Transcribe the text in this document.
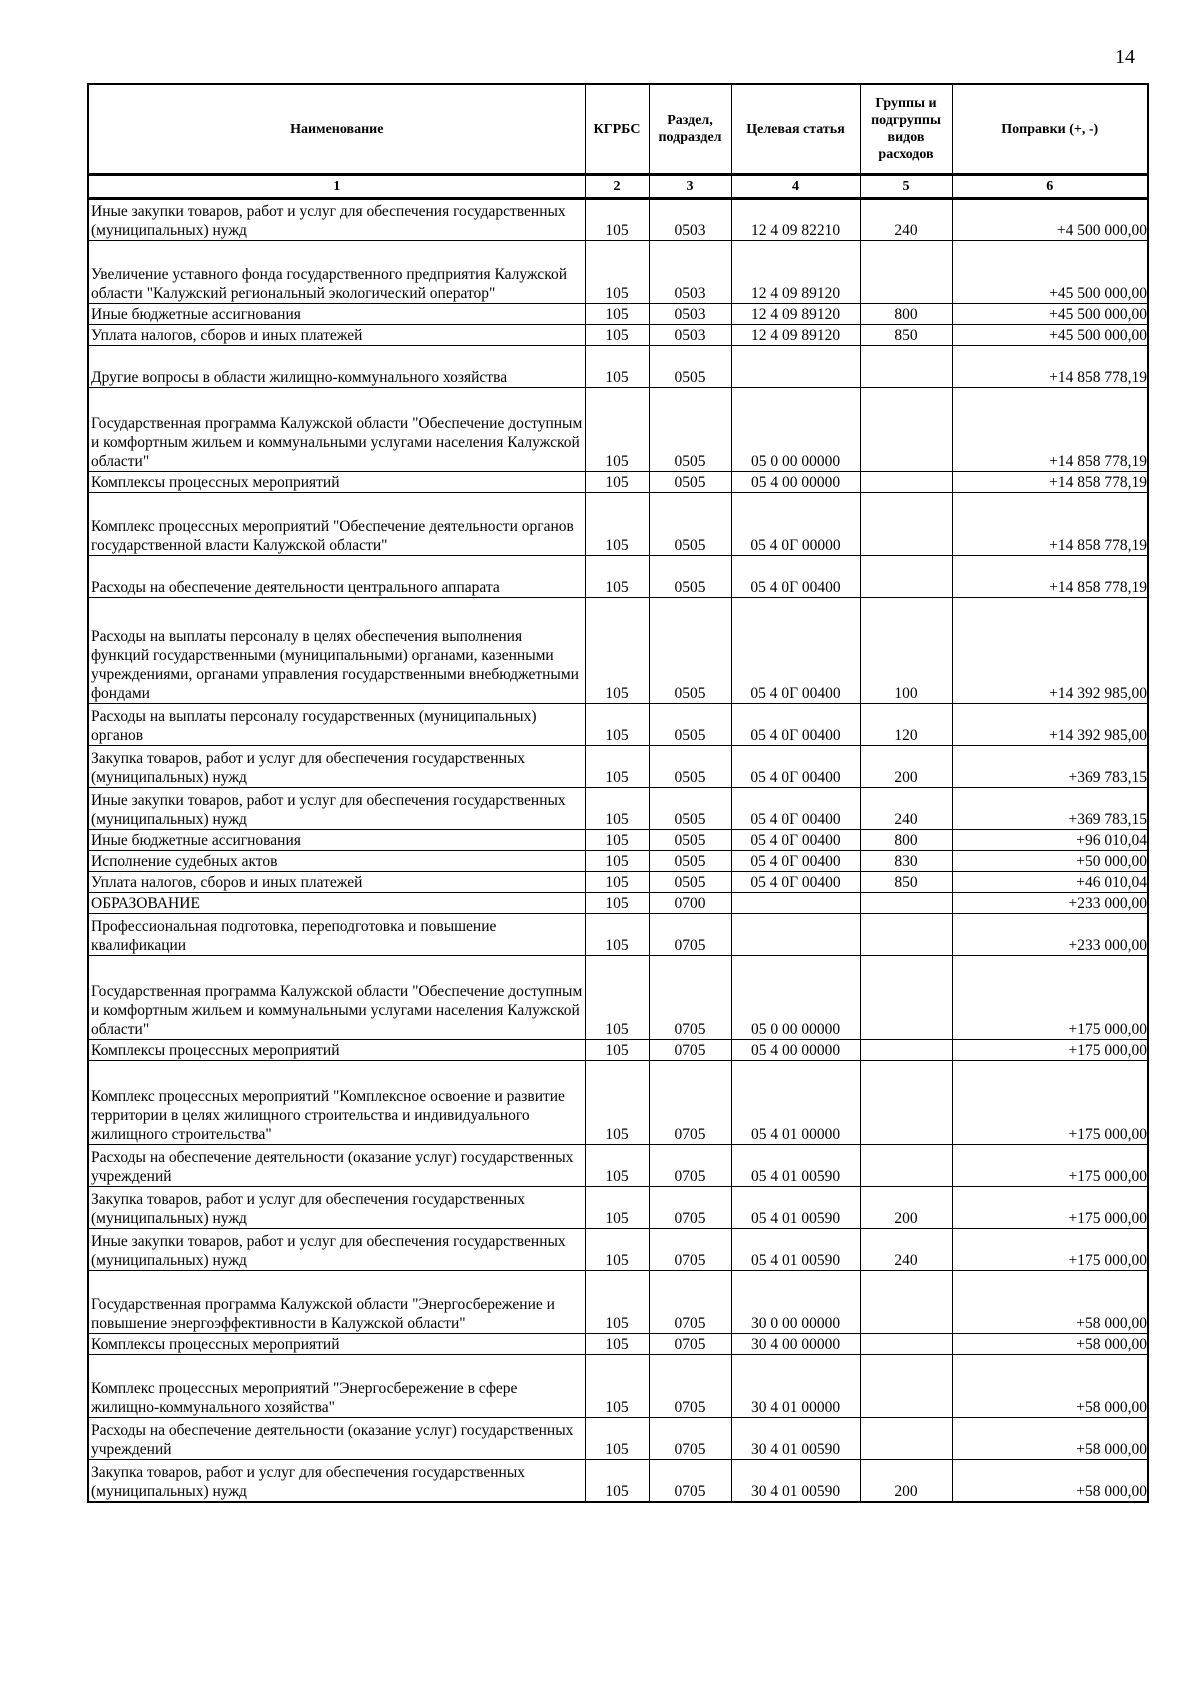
14
Наименование	КГРБС	Раздел, подраздел	Целевая статья	Группы и подгруппы видов расходов	Поправки (+, -)
1	2	3	4	5	6
Иные закупки товаров, работ и услуг для обеспечения государственных (муниципальных) нужд	105	0503	12 4 09 82210	240	+4 500 000,00
Увеличение уставного фонда государственного предприятия Калужской области "Калужский региональный экологический оператор"	105	0503	12 4 09 89120		+45 500 000,00
Иные бюджетные ассигнования	105	0503	12 4 09 89120	800	+45 500 000,00
Уплата налогов, сборов и иных платежей	105	0503	12 4 09 89120	850	+45 500 000,00
Другие вопросы в области жилищно-коммунального хозяйства	105	0505			+14 858 778,19
Государственная программа Калужской области "Обеспечение доступным и комфортным жильем и коммунальными услугами населения Калужской области"	105	0505	05 0 00 00000		+14 858 778,19
Комплексы процессных мероприятий	105	0505	05 4 00 00000		+14 858 778,19
Комплекс процессных мероприятий "Обеспечение деятельности органов государственной власти Калужской области"	105	0505	05 4 0Г 00000		+14 858 778,19
Расходы на обеспечение деятельности центрального аппарата	105	0505	05 4 0Г 00400		+14 858 778,19
Расходы на выплаты персоналу в целях обеспечения выполнения функций государственными (муниципальными) органами, казенными учреждениями, органами управления государственными внебюджетными фондами	105	0505	05 4 0Г 00400	100	+14 392 985,00
Расходы на выплаты персоналу государственных (муниципальных) органов	105	0505	05 4 0Г 00400	120	+14 392 985,00
Закупка товаров, работ и услуг для обеспечения государственных (муниципальных) нужд	105	0505	05 4 0Г 00400	200	+369 783,15
Иные закупки товаров, работ и услуг для обеспечения государственных (муниципальных) нужд	105	0505	05 4 0Г 00400	240	+369 783,15
Иные бюджетные ассигнования	105	0505	05 4 0Г 00400	800	+96 010,04
Исполнение судебных актов	105	0505	05 4 0Г 00400	830	+50 000,00
Уплата налогов, сборов и иных платежей	105	0505	05 4 0Г 00400	850	+46 010,04
ОБРАЗОВАНИЕ	105	0700			+233 000,00
Профессиональная подготовка, переподготовка и повышение квалификации	105	0705			+233 000,00
Государственная программа Калужской области "Обеспечение доступным и комфортным жильем и коммунальными услугами населения Калужской области"	105	0705	05 0 00 00000		+175 000,00
Комплексы процессных мероприятий	105	0705	05 4 00 00000		+175 000,00
Комплекс процессных мероприятий "Комплексное освоение и развитие территории в целях жилищного строительства и индивидуального жилищного строительства"	105	0705	05 4 01 00000		+175 000,00
Расходы на обеспечение деятельности (оказание услуг) государственных учреждений	105	0705	05 4 01 00590		+175 000,00
Закупка товаров, работ и услуг для обеспечения государственных (муниципальных) нужд	105	0705	05 4 01 00590	200	+175 000,00
Иные закупки товаров, работ и услуг для обеспечения государственных (муниципальных) нужд	105	0705	05 4 01 00590	240	+175 000,00
Государственная программа Калужской области "Энергосбережение и повышение энергоэффективности в Калужской области"	105	0705	30 0 00 00000		+58 000,00
Комплексы процессных мероприятий	105	0705	30 4 00 00000		+58 000,00
Комплекс процессных мероприятий "Энергосбережение в сфере жилищно-коммунального хозяйства"	105	0705	30 4 01 00000		+58 000,00
Расходы на обеспечение деятельности (оказание услуг) государственных учреждений	105	0705	30 4 01 00590		+58 000,00
Закупка товаров, работ и услуг для обеспечения государственных (муниципальных) нужд	105	0705	30 4 01 00590	200	+58 000,00
